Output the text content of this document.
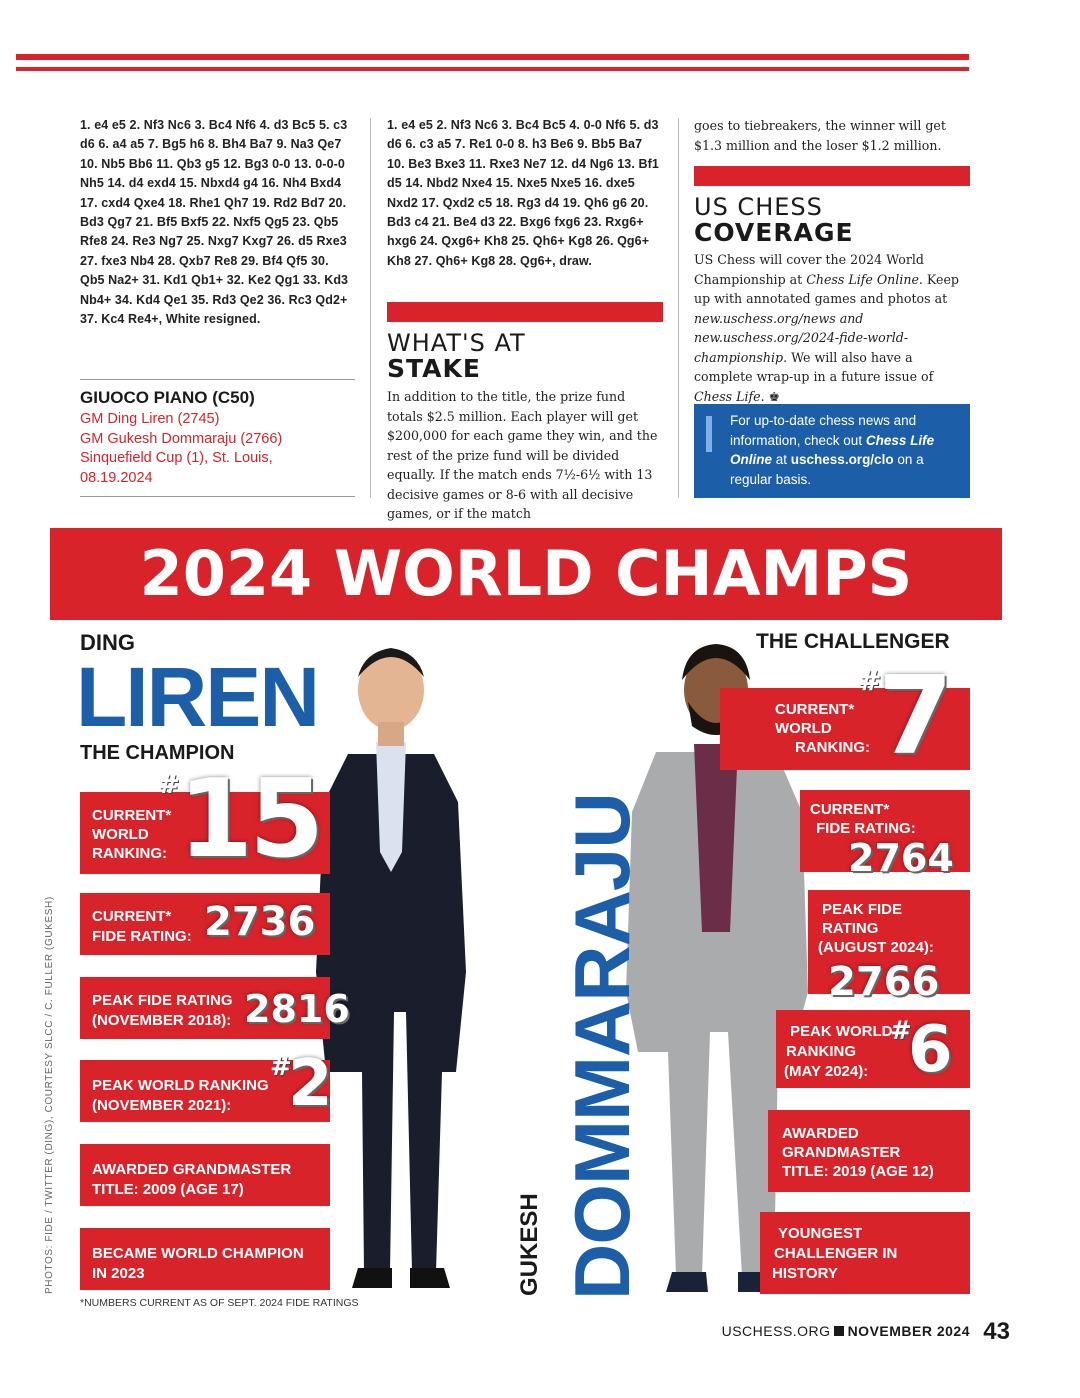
1. e4 e5 2. Nf3 Nc6 3. Bc4 Nf6 4. d3 Bc5 5. c3 d6 6. a4 a5 7. Bg5 h6 8. Bh4 Ba7 9. Na3 Qe7 10. Nb5 Bb6 11. Qb3 g5 12. Bg3 0-0 13. 0-0-0 Nh5 14. d4 exd4 15. Nbxd4 g4 16. Nh4 Bxd4 17. cxd4 Qxe4 18. Rhe1 Qh7 19. Rd2 Bd7 20. Bd3 Qg7 21. Bf5 Bxf5 22. Nxf5 Qg5 23. Qb5 Rfe8 24. Re3 Ng7 25. Nxg7 Kxg7 26. d5 Rxe3 27. fxe3 Nb4 28. Qxb7 Re8 29. Bf4 Qf5 30. Qb5 Na2+ 31. Kd1 Qb1+ 32. Ke2 Qg1 33. Kd3 Nb4+ 34. Kd4 Qe1 35. Rd3 Qe2 36. Rc3 Qd2+ 37. Kc4 Re4+, White resigned.
GIUOCO PIANO (C50)
GM Ding Liren (2745)
GM Gukesh Dommaraju (2766)
Sinquefield Cup (1), St. Louis,
08.19.2024
1. e4 e5 2. Nf3 Nc6 3. Bc4 Bc5 4. 0-0 Nf6 5. d3 d6 6. c3 a5 7. Re1 0-0 8. h3 Be6 9. Bb5 Ba7 10. Be3 Bxe3 11. Rxe3 Ne7 12. d4 Ng6 13. Bf1 d5 14. Nbd2 Nxe4 15. Nxe5 Nxe5 16. dxe5 Nxd2 17. Qxd2 c5 18. Rg3 d4 19. Qh6 g6 20. Bd3 c4 21. Be4 d3 22. Bxg6 fxg6 23. Rxg6+ hxg6 24. Qxg6+ Kh8 25. Qh6+ Kg8 26. Qg6+ Kh8 27. Qh6+ Kg8 28. Qg6+, draw.
WHAT'S AT
STAKE
In addition to the title, the prize fund totals $2.5 million. Each player will get $200,000 for each game they win, and the rest of the prize fund will be divided equally. If the match ends 7½-6½ with 13 decisive games or 8-6 with all decisive games, or if the match
goes to tiebreakers, the winner will get $1.3 million and the loser $1.2 million.
US CHESS
COVERAGE
US Chess will cover the 2024 World Championship at Chess Life Online. Keep up with annotated games and photos at new.uschess.org/news and new.uschess.org/2024-fide-world-championship. We will also have a complete wrap-up in a future issue of Chess Life. ♚
For up-to-date chess news and information, check out Chess Life Online at uschess.org/clo on a regular basis.
2024 WORLD CHAMPS
DING
LIREN
THE CHAMPION
CURRENT*
WORLD
RANKING:
#
15
CURRENT*
FIDE RATING: 2736
PEAK FIDE RATING
(NOVEMBER 2018): 2816
PEAK WORLD RANKING
(NOVEMBER 2021):
#
2
AWARDED GRANDMASTER
TITLE: 2009 (AGE 17)
BECAME WORLD CHAMPION
IN 2023	DOMMARAJU
GUKESH
THE CHALLENGER
CURRENT*
WORLD
RANKING:
#
7
CURRENT*
FIDE RATING:
2764
PEAK FIDE
RATING
(AUGUST 2024):
2766
PEAK WORLD
RANKING
(MAY 2024):
#
6
AWARDED
GRANDMASTER
TITLE: 2019 (AGE 12)
YOUNGEST
CHALLENGER IN
HISTORY
PHOTOS: FIDE / TWITTER (DING), COURTESY SLCC / C. FULLER (GUKESH)
*NUMBERS CURRENT AS OF SEPT. 2024 FIDE RATINGS
USCHESS.ORG NOVEMBER 2024 43
